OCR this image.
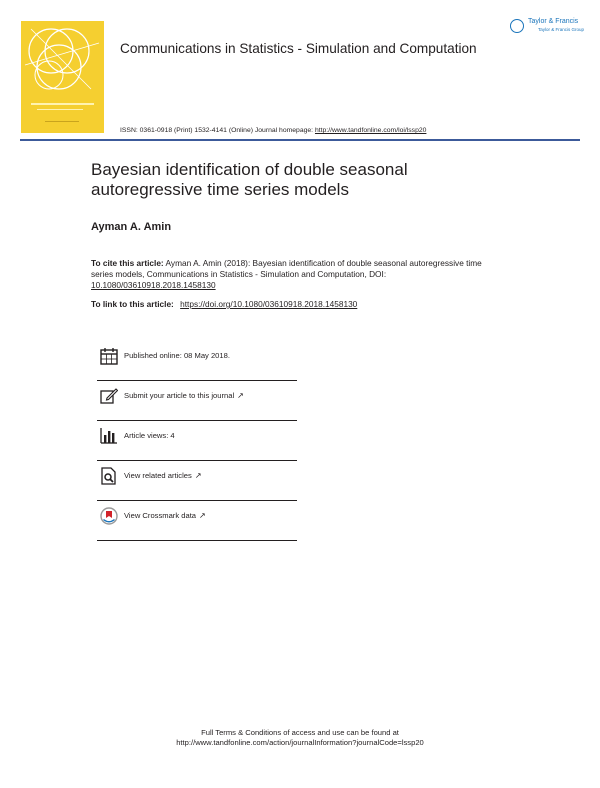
Taylor & Francis
Taylor & Francis Group
Communications in Statistics - Simulation and Computation
ISSN: 0361-0918 (Print) 1532-4141 (Online) Journal homepage: http://www.tandfonline.com/loi/lssp20
Bayesian identification of double seasonal autoregressive time series models
Ayman A. Amin
To cite this article: Ayman A. Amin (2018): Bayesian identification of double seasonal autoregressive time series models, Communications in Statistics - Simulation and Computation, DOI: 10.1080/03610918.2018.1458130
To link to this article: https://doi.org/10.1080/03610918.2018.1458130
Published online: 08 May 2018.
Submit your article to this journal ↗
Article views: 4
View related articles ↗
View Crossmark data ↗
Full Terms & Conditions of access and use can be found at
http://www.tandfonline.com/action/journalInformation?journalCode=lssp20
